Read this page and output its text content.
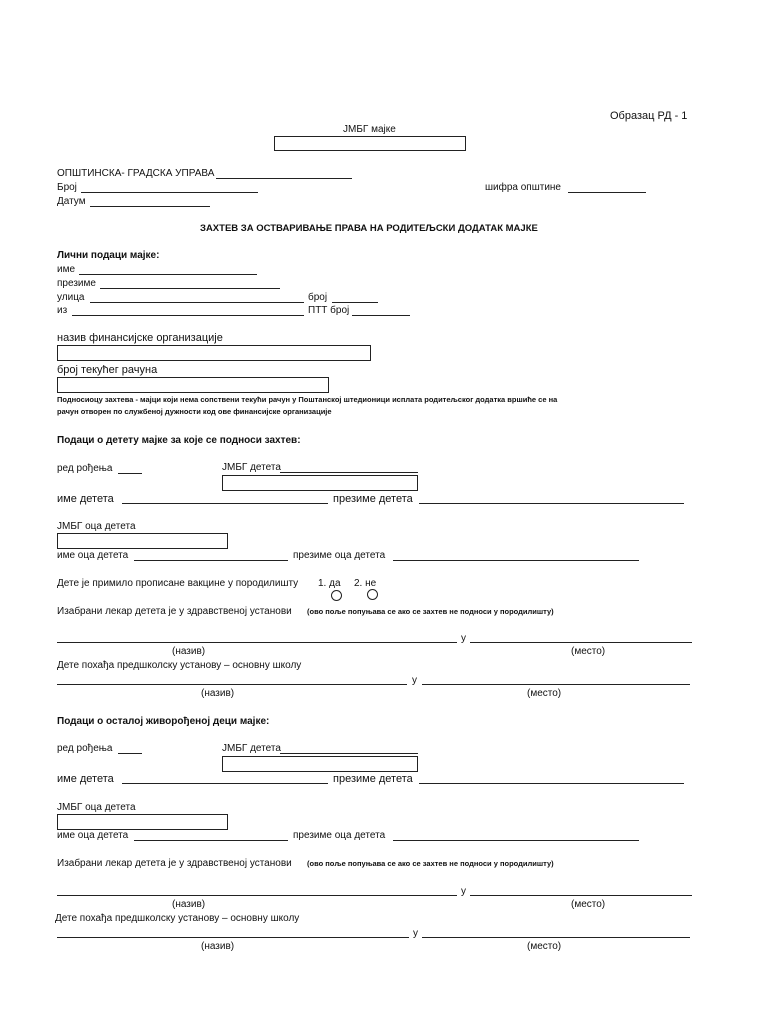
Образац РД - 1
ЈМБГ мајке
ОПШТИНСКА- ГРАДСКА УПРАВА
Број	шифра општине
Датум
ЗАХТЕВ ЗА ОСТВАРИВАЊЕ ПРАВА НА РОДИТЕЉСКИ ДОДАТАК МАЈКЕ
Лични подаци мајке:
име
презиме
улица	број
из	ПТТ број
назив финансијске организације
број текућег рачуна
Подносиоцу захтева - мајци који нема сопствени текући рачун у Поштанској штедионици исплата родитељског додатка вршиће се на
рачун отворен по службеној дужности код ове финансијске организације
Подаци о детету мајке за које се подноси захтев:
ред рођења	ЈМБГ детета
име детета	презиме детета
ЈМБГ оца детета
име оца детета	презиме оца детета
Дете је примило прописане вакцине у породилишту 1. да 2. не
Изабрани лекар детета је у здравственој установи (ово поље попуњава се ако се захтев не подноси у породилишту)
у
(назив)	(место)
Дете похађа предшколску установу – основну школу
у
(назив)	(место)
Подаци о осталој живорођеној деци мајке:
ред рођења	ЈМБГ детета
име детета	презиме детета
ЈМБГ оца детета
име оца детета	презиме оца детета
Изабрани лекар детета је у здравственој установи (ово поље попуњава се ако се захтев не подноси у породилишту)
у
(назив)	(место)
Дете похађа предшколску установу – основну школу
у
(назив)	(место)
